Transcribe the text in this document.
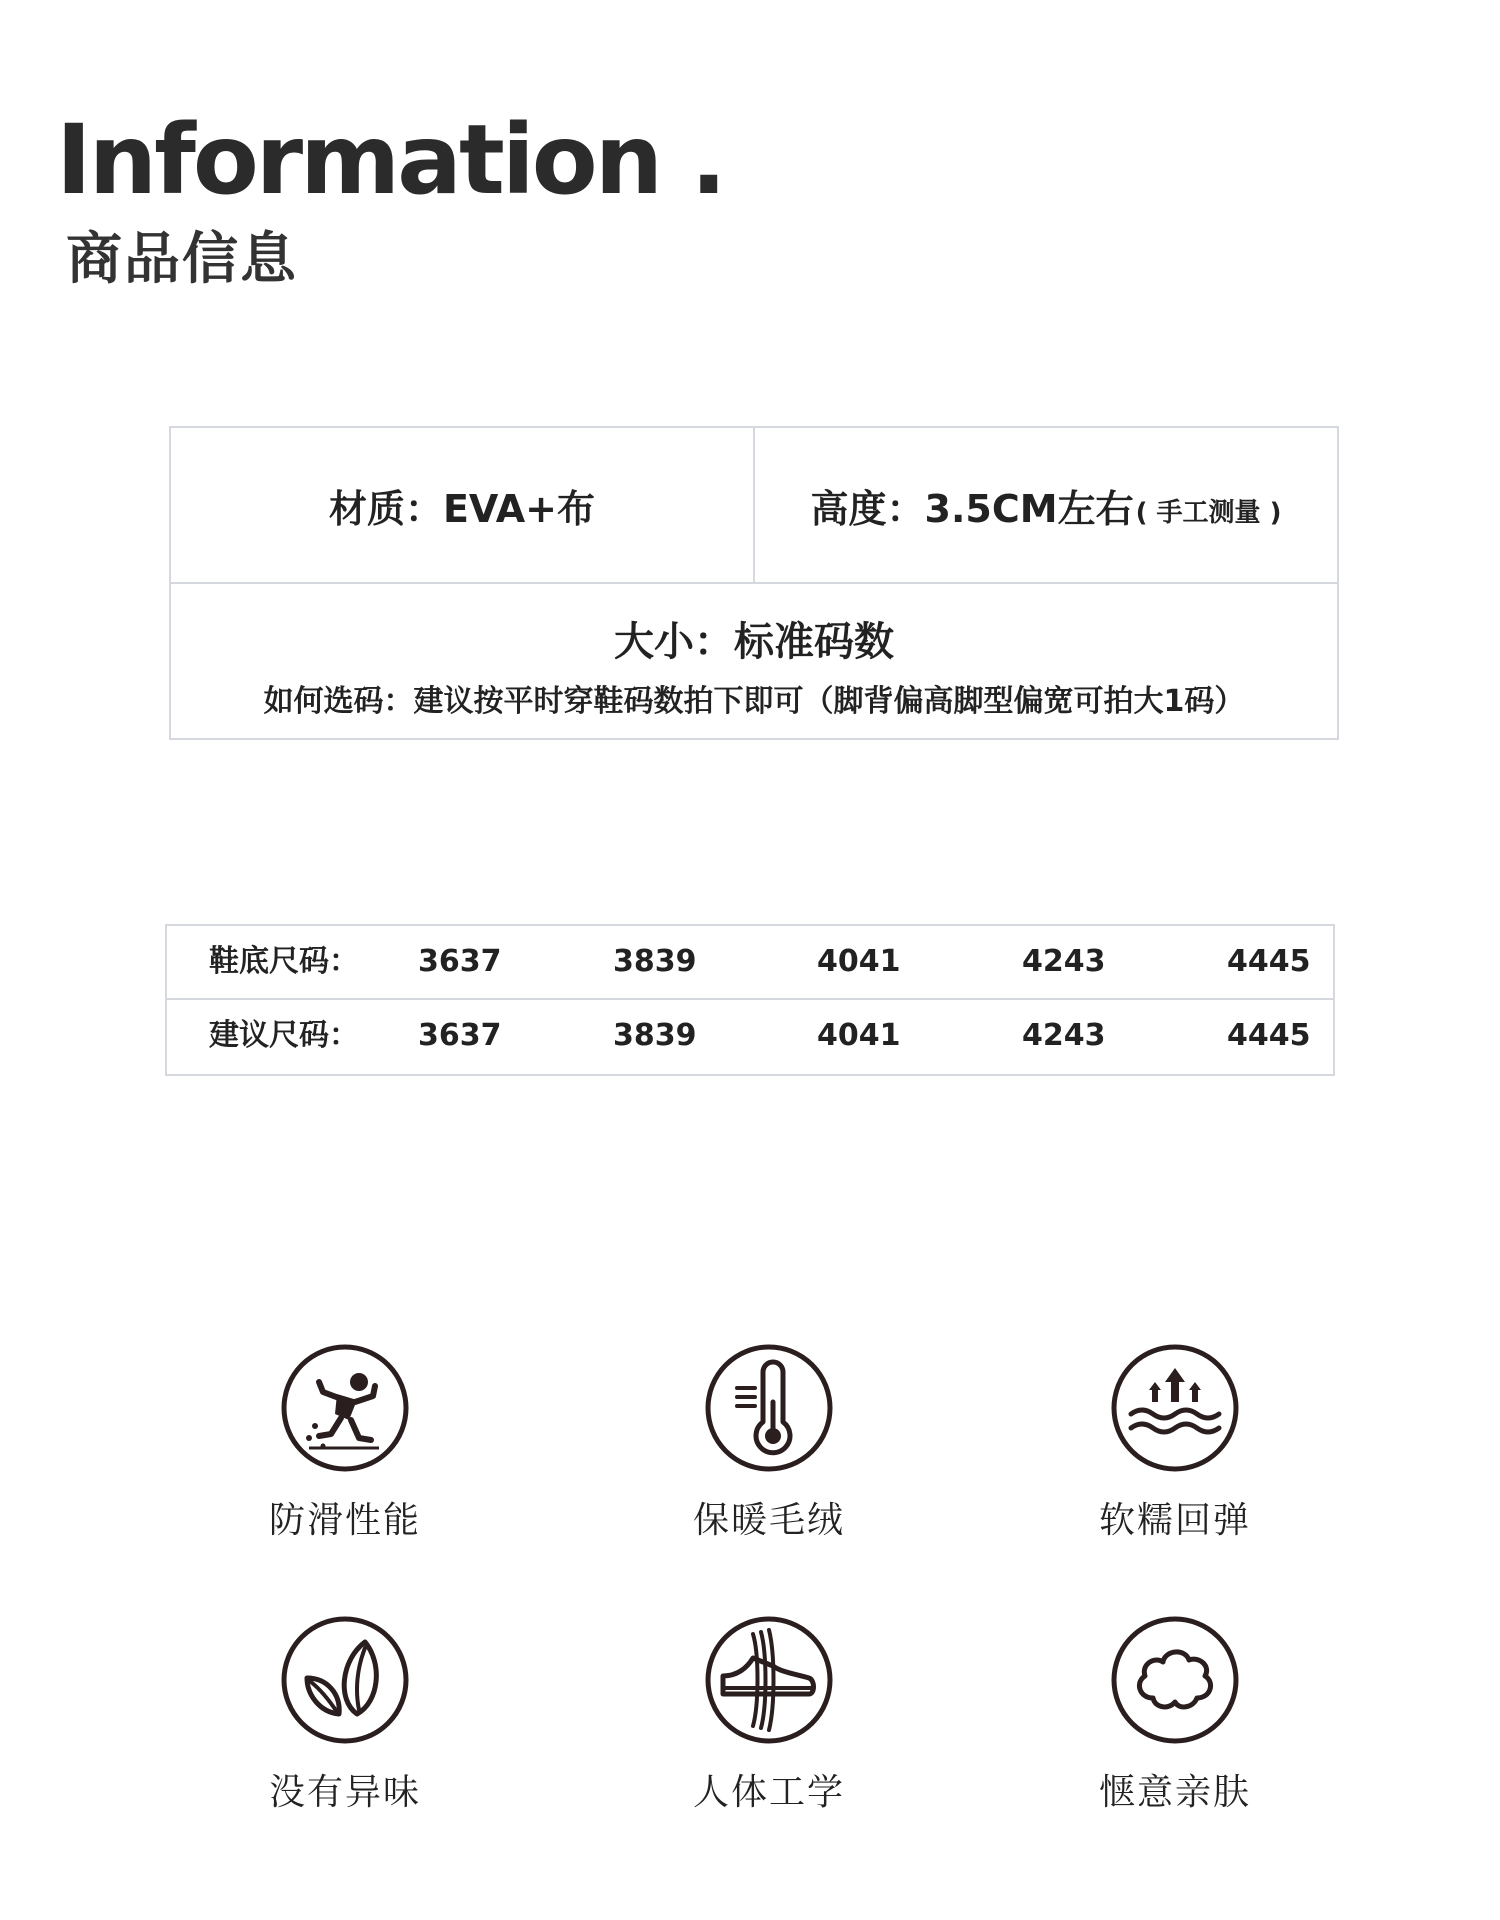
Information .
商品信息
材质：EVA+布	高度：3.5CM左右 ( 手工测量 )
大小：标准码数
如何选码：建议按平时穿鞋码数拍下即可（脚背偏高脚型偏宽可拍大1码）
鞋底尺码： 3637	3839	4041	4243	4445
建议尺码： 3637	3839	4041	4243	4445
防滑性能	保暖毛绒	软糯回弹
没有异味	人体工学	惬意亲肤
